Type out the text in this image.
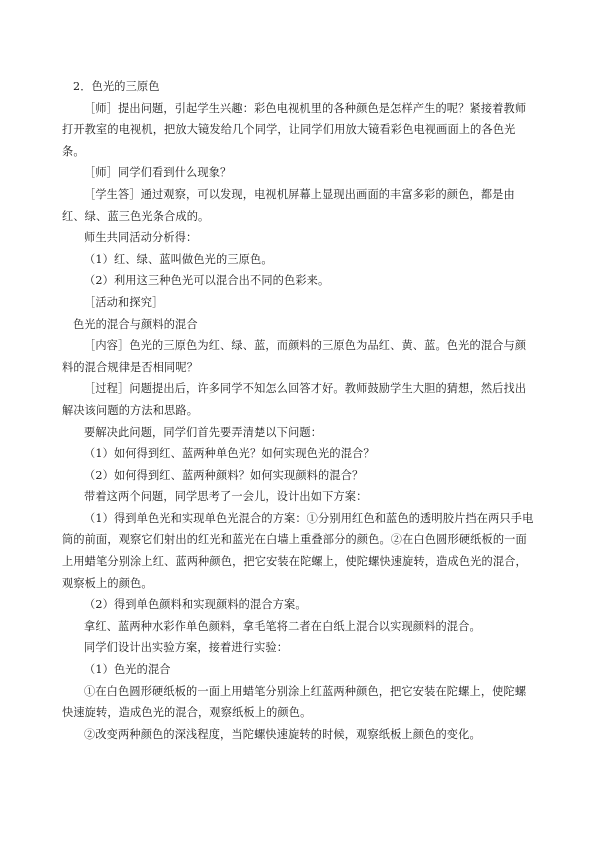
2．色光的三原色

［师］提出问题，引起学生兴趣：彩色电视机里的各种颜色是怎样产生的呢？紧接着教师打开教室的电视机，把放大镜发给几个同学，让同学们用放大镜看彩色电视画面上的各色光条。

［师］同学们看到什么现象？

［学生答］通过观察，可以发现，电视机屏幕上显现出画面的丰富多彩的颜色，都是由红、绿、蓝三色光条合成的。

师生共同活动分析得：

（1）红、绿、蓝叫做色光的三原色。

（2）利用这三种色光可以混合出不同的色彩来。

［活动和探究］

色光的混合与颜料的混合

［内容］色光的三原色为红、绿、蓝，而颜料的三原色为品红、黄、蓝。色光的混合与颜料的混合规律是否相同呢？

［过程］问题提出后，许多同学不知怎么回答才好。教师鼓励学生大胆的猜想，然后找出解决该问题的方法和思路。

要解决此问题，同学们首先要弄清楚以下问题：

（1）如何得到红、蓝两种单色光？如何实现色光的混合？

（2）如何得到红、蓝两种颜料？如何实现颜料的混合？

带着这两个问题，同学思考了一会儿，设计出如下方案：

（1）得到单色光和实现单色光混合的方案：①分别用红色和蓝色的透明胶片挡在两只手电筒的前面，观察它们射出的红光和蓝光在白墙上重叠部分的颜色。②在白色圆形硬纸板的一面上用蜡笔分别涂上红、蓝两种颜色，把它安装在陀螺上，使陀螺快速旋转，造成色光的混合，观察板上的颜色。

（2）得到单色颜料和实现颜料的混合方案。

拿红、蓝两种水彩作单色颜料，拿毛笔将二者在白纸上混合以实现颜料的混合。

同学们设计出实验方案，接着进行实验：

（1）色光的混合

①在白色圆形硬纸板的一面上用蜡笔分别涂上红蓝两种颜色，把它安装在陀螺上，使陀螺快速旋转，造成色光的混合，观察纸板上的颜色。

②改变两种颜色的深浅程度，当陀螺快速旋转的时候，观察纸板上颜色的变化。
